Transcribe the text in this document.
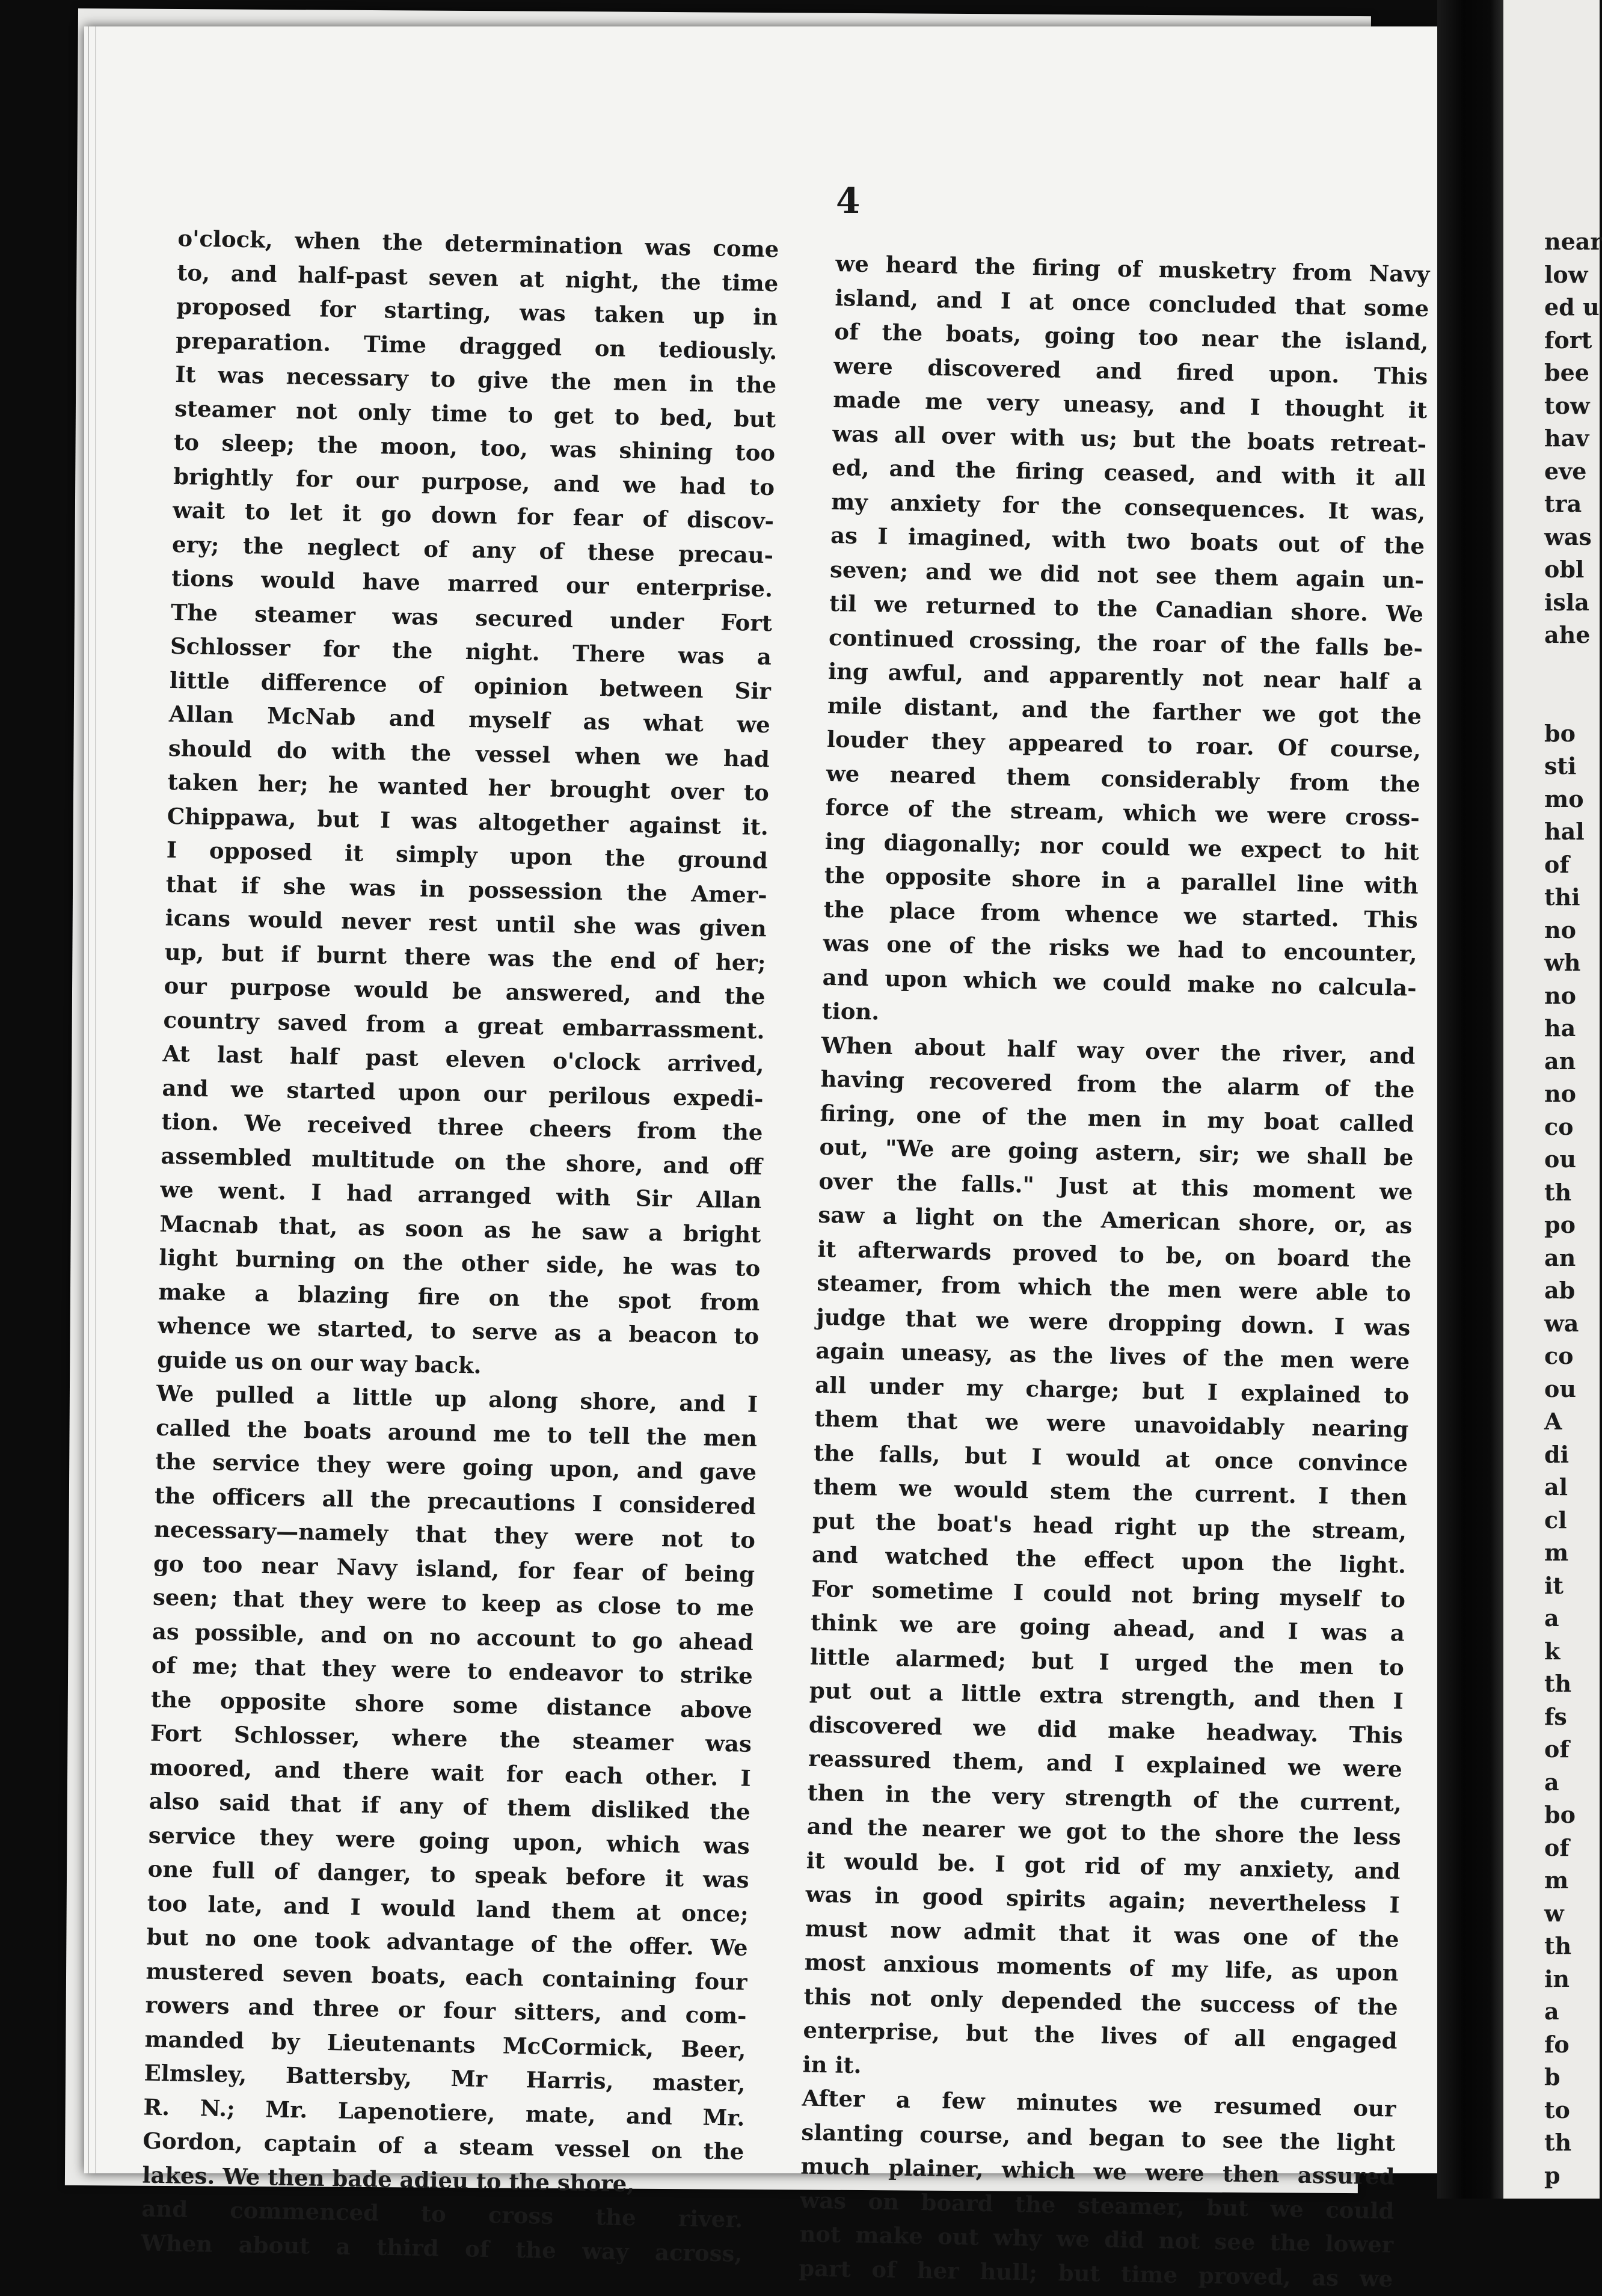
4
o'clock, when the determination was come
to, and half-past seven at night, the time
proposed for starting, was taken up in
preparation. Time dragged on tediously.
It was necessary to give the men in the
steamer not only time to get to bed, but
to sleep; the moon, too, was shining too
brightly for our purpose, and we had to
wait to let it go down for fear of discov-
ery; the neglect of any of these precau-
tions would have marred our enterprise.
The steamer was secured under Fort
Schlosser for the night. There was a
little difference of opinion between Sir
Allan McNab and myself as what we
should do with the vessel when we had
taken her; he wanted her brought over to
Chippawa, but I was altogether against it.
I opposed it simply upon the ground
that if she was in possession the Amer-
icans would never rest until she was given
up, but if burnt there was the end of her;
our purpose would be answered, and the
country saved from a great embarrassment.
At last half past eleven o'clock arrived,
and we started upon our perilous expedi-
tion. We received three cheers from the
assembled multitude on the shore, and off
we went. I had arranged with Sir Allan
Macnab that, as soon as he saw a bright
light burning on the other side, he was to
make a blazing fire on the spot from
whence we started, to serve as a beacon to
guide us on our way back.
We pulled a little up along shore, and I
called the boats around me to tell the men
the service they were going upon, and gave
the officers all the precautions I considered
necessary—namely that they were not to
go too near Navy island, for fear of being
seen; that they were to keep as close to me
as possible, and on no account to go ahead
of me; that they were to endeavor to strike
the opposite shore some distance above
Fort Schlosser, where the steamer was
moored, and there wait for each other. I
also said that if any of them disliked the
service they were going upon, which was
one full of danger, to speak before it was
too late, and I would land them at once;
but no one took advantage of the offer. We
mustered seven boats, each containing four
rowers and three or four sitters, and com-
manded by Lieutenants McCormick, Beer,
Elmsley, Battersby, Mr Harris, master,
R. N.; Mr. Lapenotiere, mate, and Mr.
Gordon, captain of a steam vessel on the
lakes. We then bade adieu to the shore,
and commenced to cross the river.
When about a third of the way across,
we heard the firing of musketry from Navy
island, and I at once concluded that some
of the boats, going too near the island,
were discovered and fired upon. This
made me very uneasy, and I thought it
was all over with us; but the boats retreat-
ed, and the firing ceased, and with it all
my anxiety for the consequences. It was,
as I imagined, with two boats out of the
seven; and we did not see them again un-
til we returned to the Canadian shore. We
continued crossing, the roar of the falls be-
ing awful, and apparently not near half a
mile distant, and the farther we got the
louder they appeared to roar. Of course,
we neared them considerably from the
force of the stream, which we were cross-
ing diagonally; nor could we expect to hit
the opposite shore in a parallel line with
the place from whence we started. This
was one of the risks we had to encounter,
and upon which we could make no calcula-
tion.
When about half way over the river, and
having recovered from the alarm of the
firing, one of the men in my boat called
out, "We are going astern, sir; we shall be
over the falls." Just at this moment we
saw a light on the American shore, or, as
it afterwards proved to be, on board the
steamer, from which the men were able to
judge that we were dropping down. I was
again uneasy, as the lives of the men were
all under my charge; but I explained to
them that we were unavoidably nearing
the falls, but I would at once convince
them we would stem the current. I then
put the boat's head right up the stream,
and watched the effect upon the light.
For sometime I could not bring myself to
think we are going ahead, and I was a
little alarmed; but I urged the men to
put out a little extra strength, and then I
discovered we did make headway. This
reassured them, and I explained we were
then in the very strength of the current,
and the nearer we got to the shore the less
it would be. I got rid of my anxiety, and
was in good spirits again; nevertheless I
must now admit that it was one of the
most anxious moments of my life, as upon
this not only depended the success of the
enterprise, but the lives of all engaged
in it.
After a few minutes we resumed our
slanting course, and began to see the light
much plainer, which we were then assured
was on board the steamer, but we could
not make out why we did not see the lower
part of her hull; but time proved, as we
near
low
ed u
fort
bee
tow
hav
eve
tra
was
obl
isla
ahe
bo
sti
mo
hal
of
thi
no
wh
no
ha
an
no
co
ou
th
po
an
ab
wa
co
ou
A
di
al
cl
m
it
a
k
th
fs
of
a
bo
of
m
w
th
in
a
fo
b
to
th
p
